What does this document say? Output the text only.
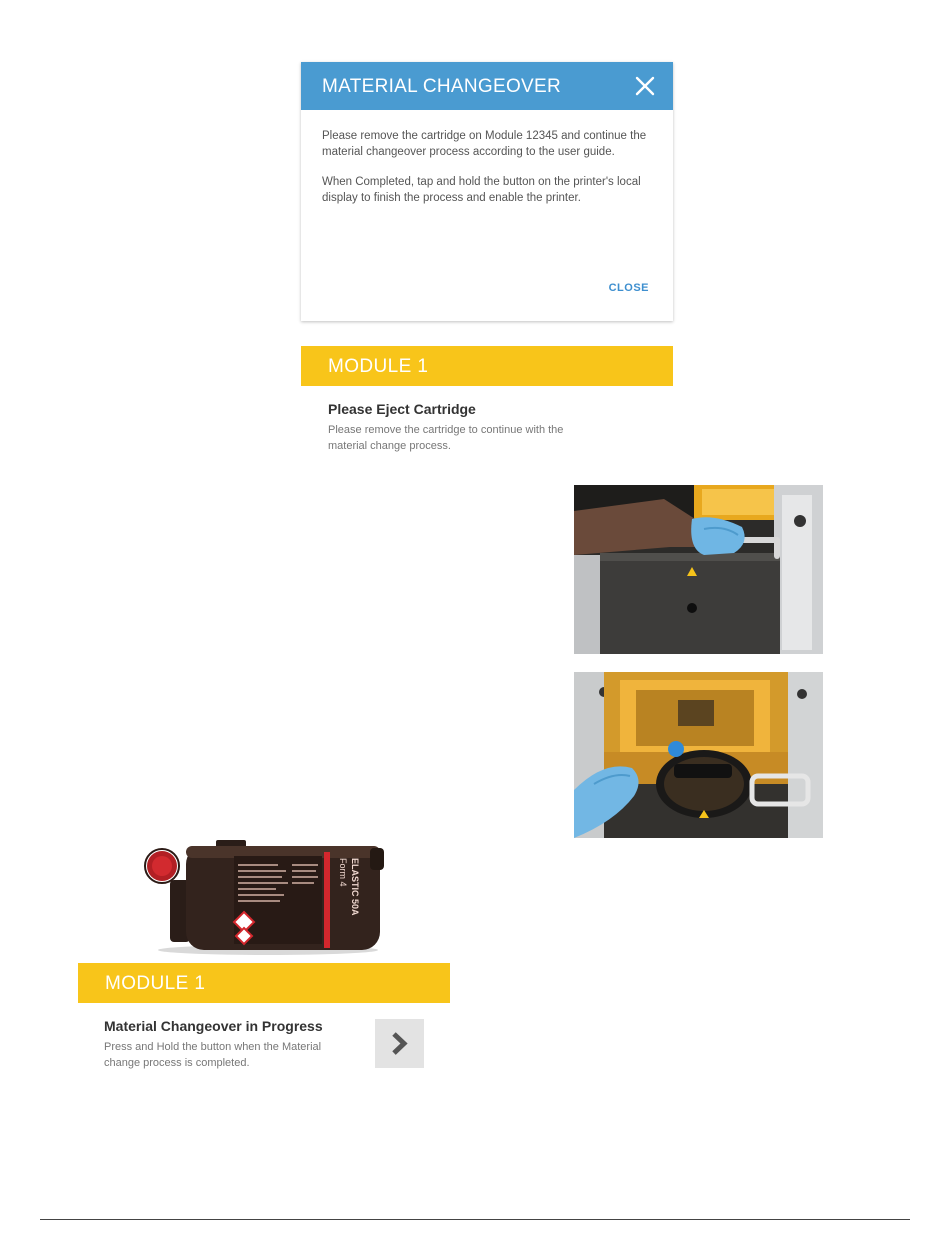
MATERIAL CHANGEOVER

Please remove the cartridge on Module 12345 and continue the material changeover process according to the user guide.

When Completed, tap and hold the button on the printer's local display to finish the process and enable the printer.

CLOSE
MODULE 1
Please Eject Cartridge
Please remove the cartridge to continue with the material change process.
Form 4 ELASTIC 50A
MODULE 1
Material Changeover in Progress
Press and Hold the button when the Material change process is completed.
